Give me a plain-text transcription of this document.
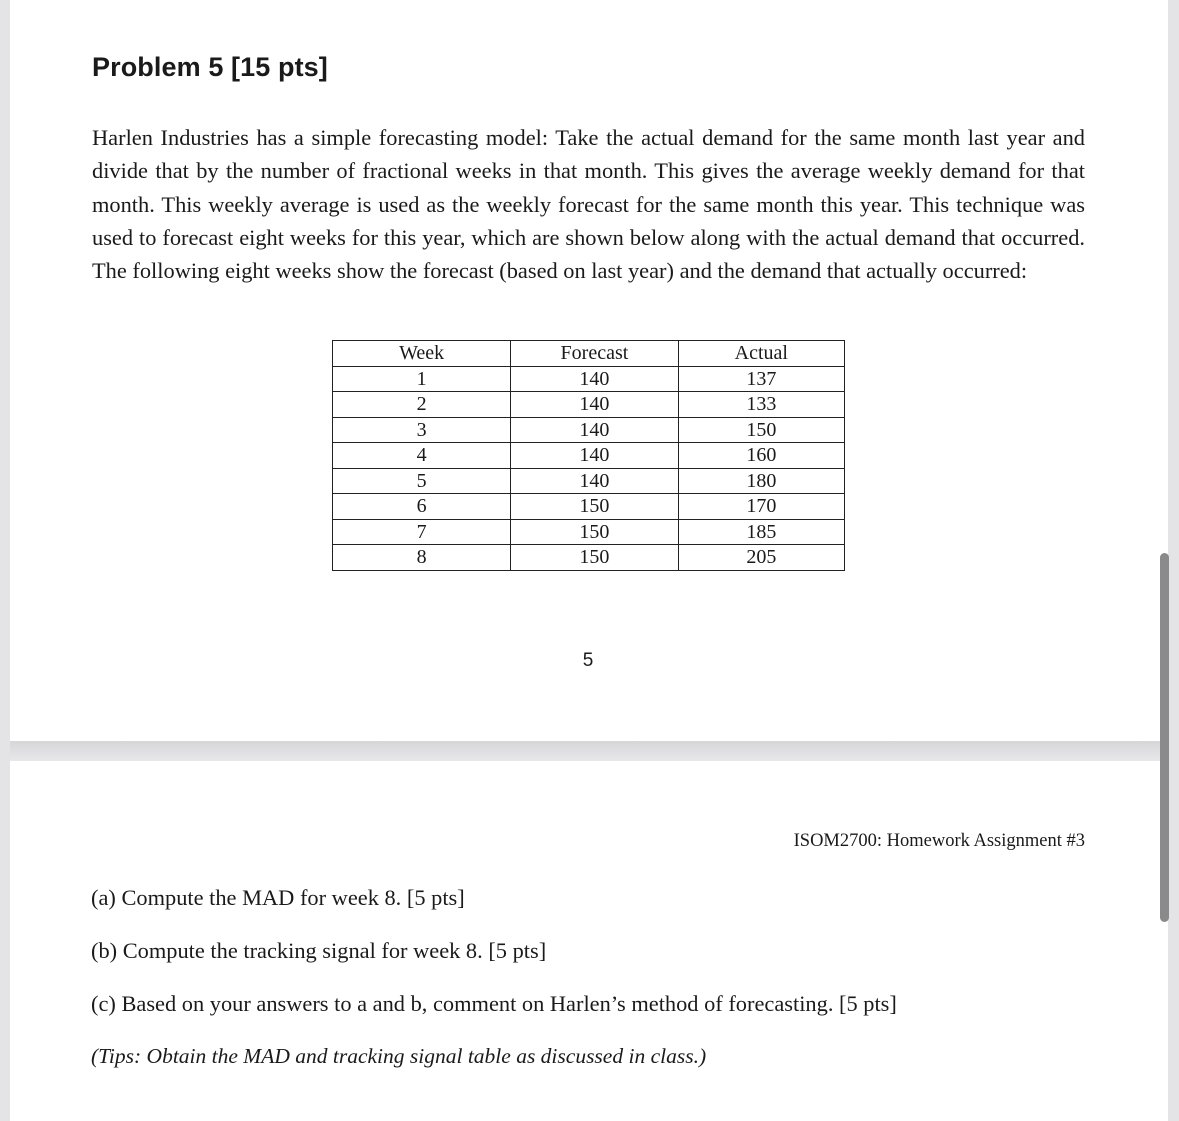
Problem 5 [15 pts]

Harlen Industries has a simple forecasting model: Take the actual demand for the same month last year and divide that by the number of fractional weeks in that month. This gives the average weekly demand for that month. This weekly average is used as the weekly forecast for the same month this year. This technique was used to forecast eight weeks for this year, which are shown below along with the actual demand that occurred. The following eight weeks show the forecast (based on last year) and the demand that actually occurred:

Week	Forecast	Actual
1	140	137
2	140	133
3	140	150
4	140	160
5	140	180
6	150	170
7	150	185
8	150	205
5
ISOM2700: Homework Assignment #3

(a) Compute the MAD for week 8. [5 pts]

(b) Compute the tracking signal for week 8. [5 pts]

(c) Based on your answers to a and b, comment on Harlen’s method of forecasting. [5 pts]

(Tips: Obtain the MAD and tracking signal table as discussed in class.)
